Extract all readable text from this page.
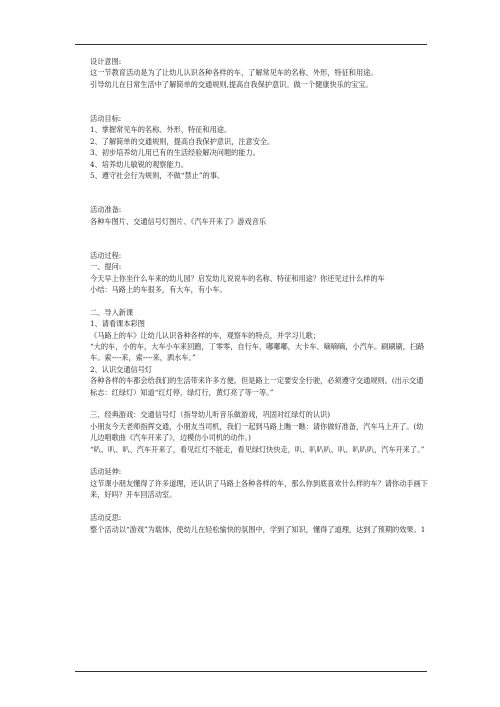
设计意图:

这一节教育活动是为了让幼儿认识各种各样的车，了解常见车的名称、外形，特征和用途。

引导幼儿在日常生活中了解简单的交通规则,提高自我保护意识。做一个健康快乐的宝宝。

活动目标:

1、掌握常见车的名称、外形，特征和用途。

2、了解简单的交通规则，提高自我保护意识，注意安全。

3、初步培养幼儿用已有的生活经验解决问题的能力。

4、培养幼儿敏锐的观察能力。

5、遵守社会行为规则，不做“禁止”的事。

活动准备:

各种车图片、交通信号灯图片、《汽车开来了》游戏音乐

活动过程:

一、提问:

今天早上你坐什么车来的幼儿园？启发幼儿说说车的名称、特征和用途？你还见过什么样的车

小结：马路上的车很多，有大车，有小车。

二、导入新课

1、请看课本彩图

《马路上的车》让幼儿认识各种各样的车，观察车的特点，并学习儿歌；

“大的车，小的车，大车小车来回跑，丁零零，自行车，嘟嘟嘟，大卡车、嘀嘀嘀，小汽车。刷刷刷，扫路车。索----来，索----来，洒水车。”

2、认识交通信号灯

各种各样的车都会给我们的生活带来许多方便。但是路上一定要安全行驶，必须遵守交通规则。(出示交通标志：红绿灯）知道“红灯停，绿灯行，黄灯亮了等一等。”

三、经典游戏：交通信号灯（指导幼儿听音乐做游戏，巩固对红绿灯的认识)

小朋友今天老师指挥交通，小朋友当司机，我们一起到马路上瞧一瞧：请你做好准备，汽车马上开了。(幼儿边唱歌曲《汽车开来了》，边模仿小司机的动作。)

“叭、叭、叭、汽车开来了，看见红灯不能走，看见绿灯快快走，叭、叭叭叭、叭、叭叭叭，汽车开来了。”

活动延伸:

这节课小朋友懂得了许多道理，还认识了马路上各种各样的车，那么你到底喜欢什么样的车？请你动手画下来，好吗？开车回活动室。

活动反思:

整个活动以“游戏”为载体，使幼儿在轻松愉快的氛围中，学到了知识，懂得了道理，达到了预期的效果。1
